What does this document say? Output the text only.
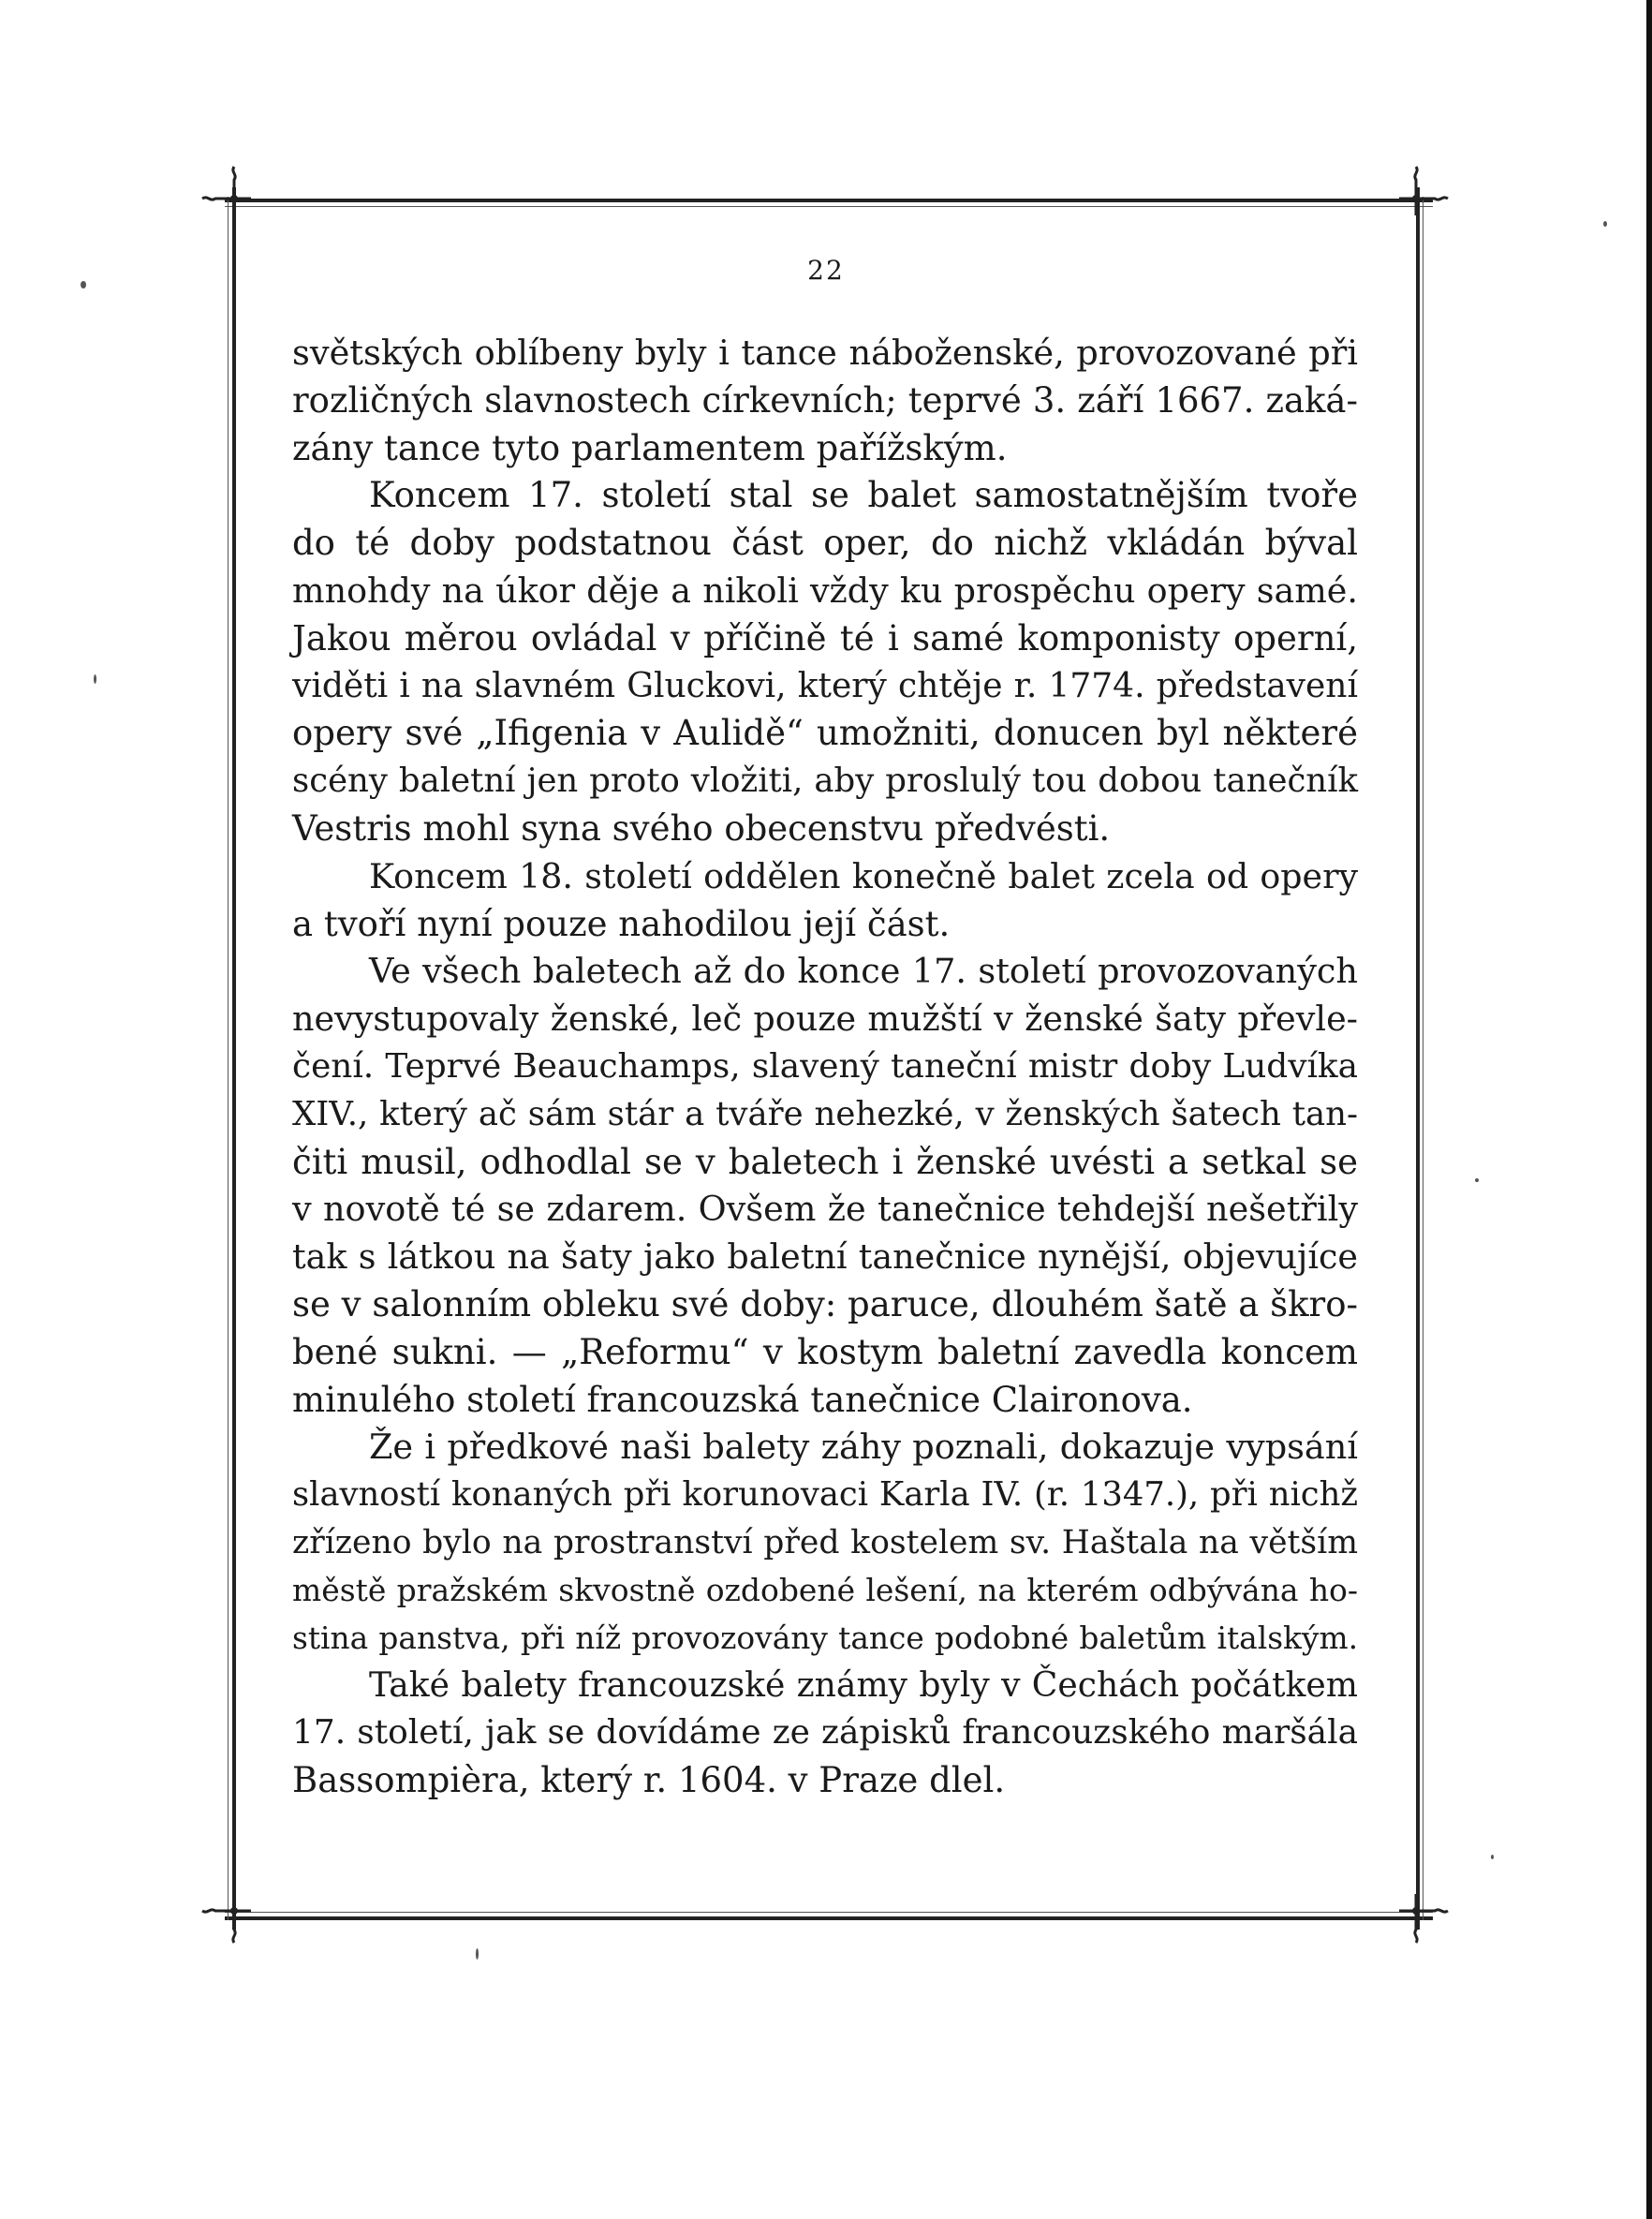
22
světských oblíbeny byly i tance náboženské, provozované při
rozličných slavnostech církevních; teprvé 3. září 1667. zaká-
zány tance tyto parlamentem pařížským.
Koncem 17. století stal se balet samostatnějším tvoře
do té doby podstatnou část oper, do nichž vkládán býval
mnohdy na úkor děje a nikoli vždy ku prospěchu opery samé.
Jakou měrou ovládal v příčině té i samé komponisty operní,
viděti i na slavném Gluckovi, který chtěje r. 1774. představení
opery své „Ifigenia v Aulidě“ umožniti, donucen byl některé
scény baletní jen proto vložiti, aby proslulý tou dobou tanečník
Vestris mohl syna svého obecenstvu předvésti.
Koncem 18. století oddělen konečně balet zcela od opery
a tvoří nyní pouze nahodilou její část.
Ve všech baletech až do konce 17. století provozovaných
nevystupovaly ženské, leč pouze mužští v ženské šaty převle-
čení. Teprvé Beauchamps, slavený taneční mistr doby Ludvíka
XIV., který ač sám stár a tváře nehezké, v ženských šatech tan-
čiti musil, odhodlal se v baletech i ženské uvésti a setkal se
v novotě té se zdarem. Ovšem že tanečnice tehdejší nešetřily
tak s látkou na šaty jako baletní tanečnice nynější, objevujíce
se v salonním obleku své doby: paruce, dlouhém šatě a škro-
bené sukni. — „Reformu“ v kostym baletní zavedla koncem
minulého století francouzská tanečnice Claironova.
Že i předkové naši balety záhy poznali, dokazuje vypsání
slavností konaných při korunovaci Karla IV. (r. 1347.), při nichž
zřízeno bylo na prostranství před kostelem sv. Haštala na větším
městě pražském skvostně ozdobené lešení, na kterém odbývána ho-
stina panstva, při níž provozovány tance podobné baletům italským.
Také balety francouzské známy byly v Čechách počátkem
17. století, jak se dovídáme ze zápisků francouzského maršála
Bassompièra, který r. 1604. v Praze dlel.
